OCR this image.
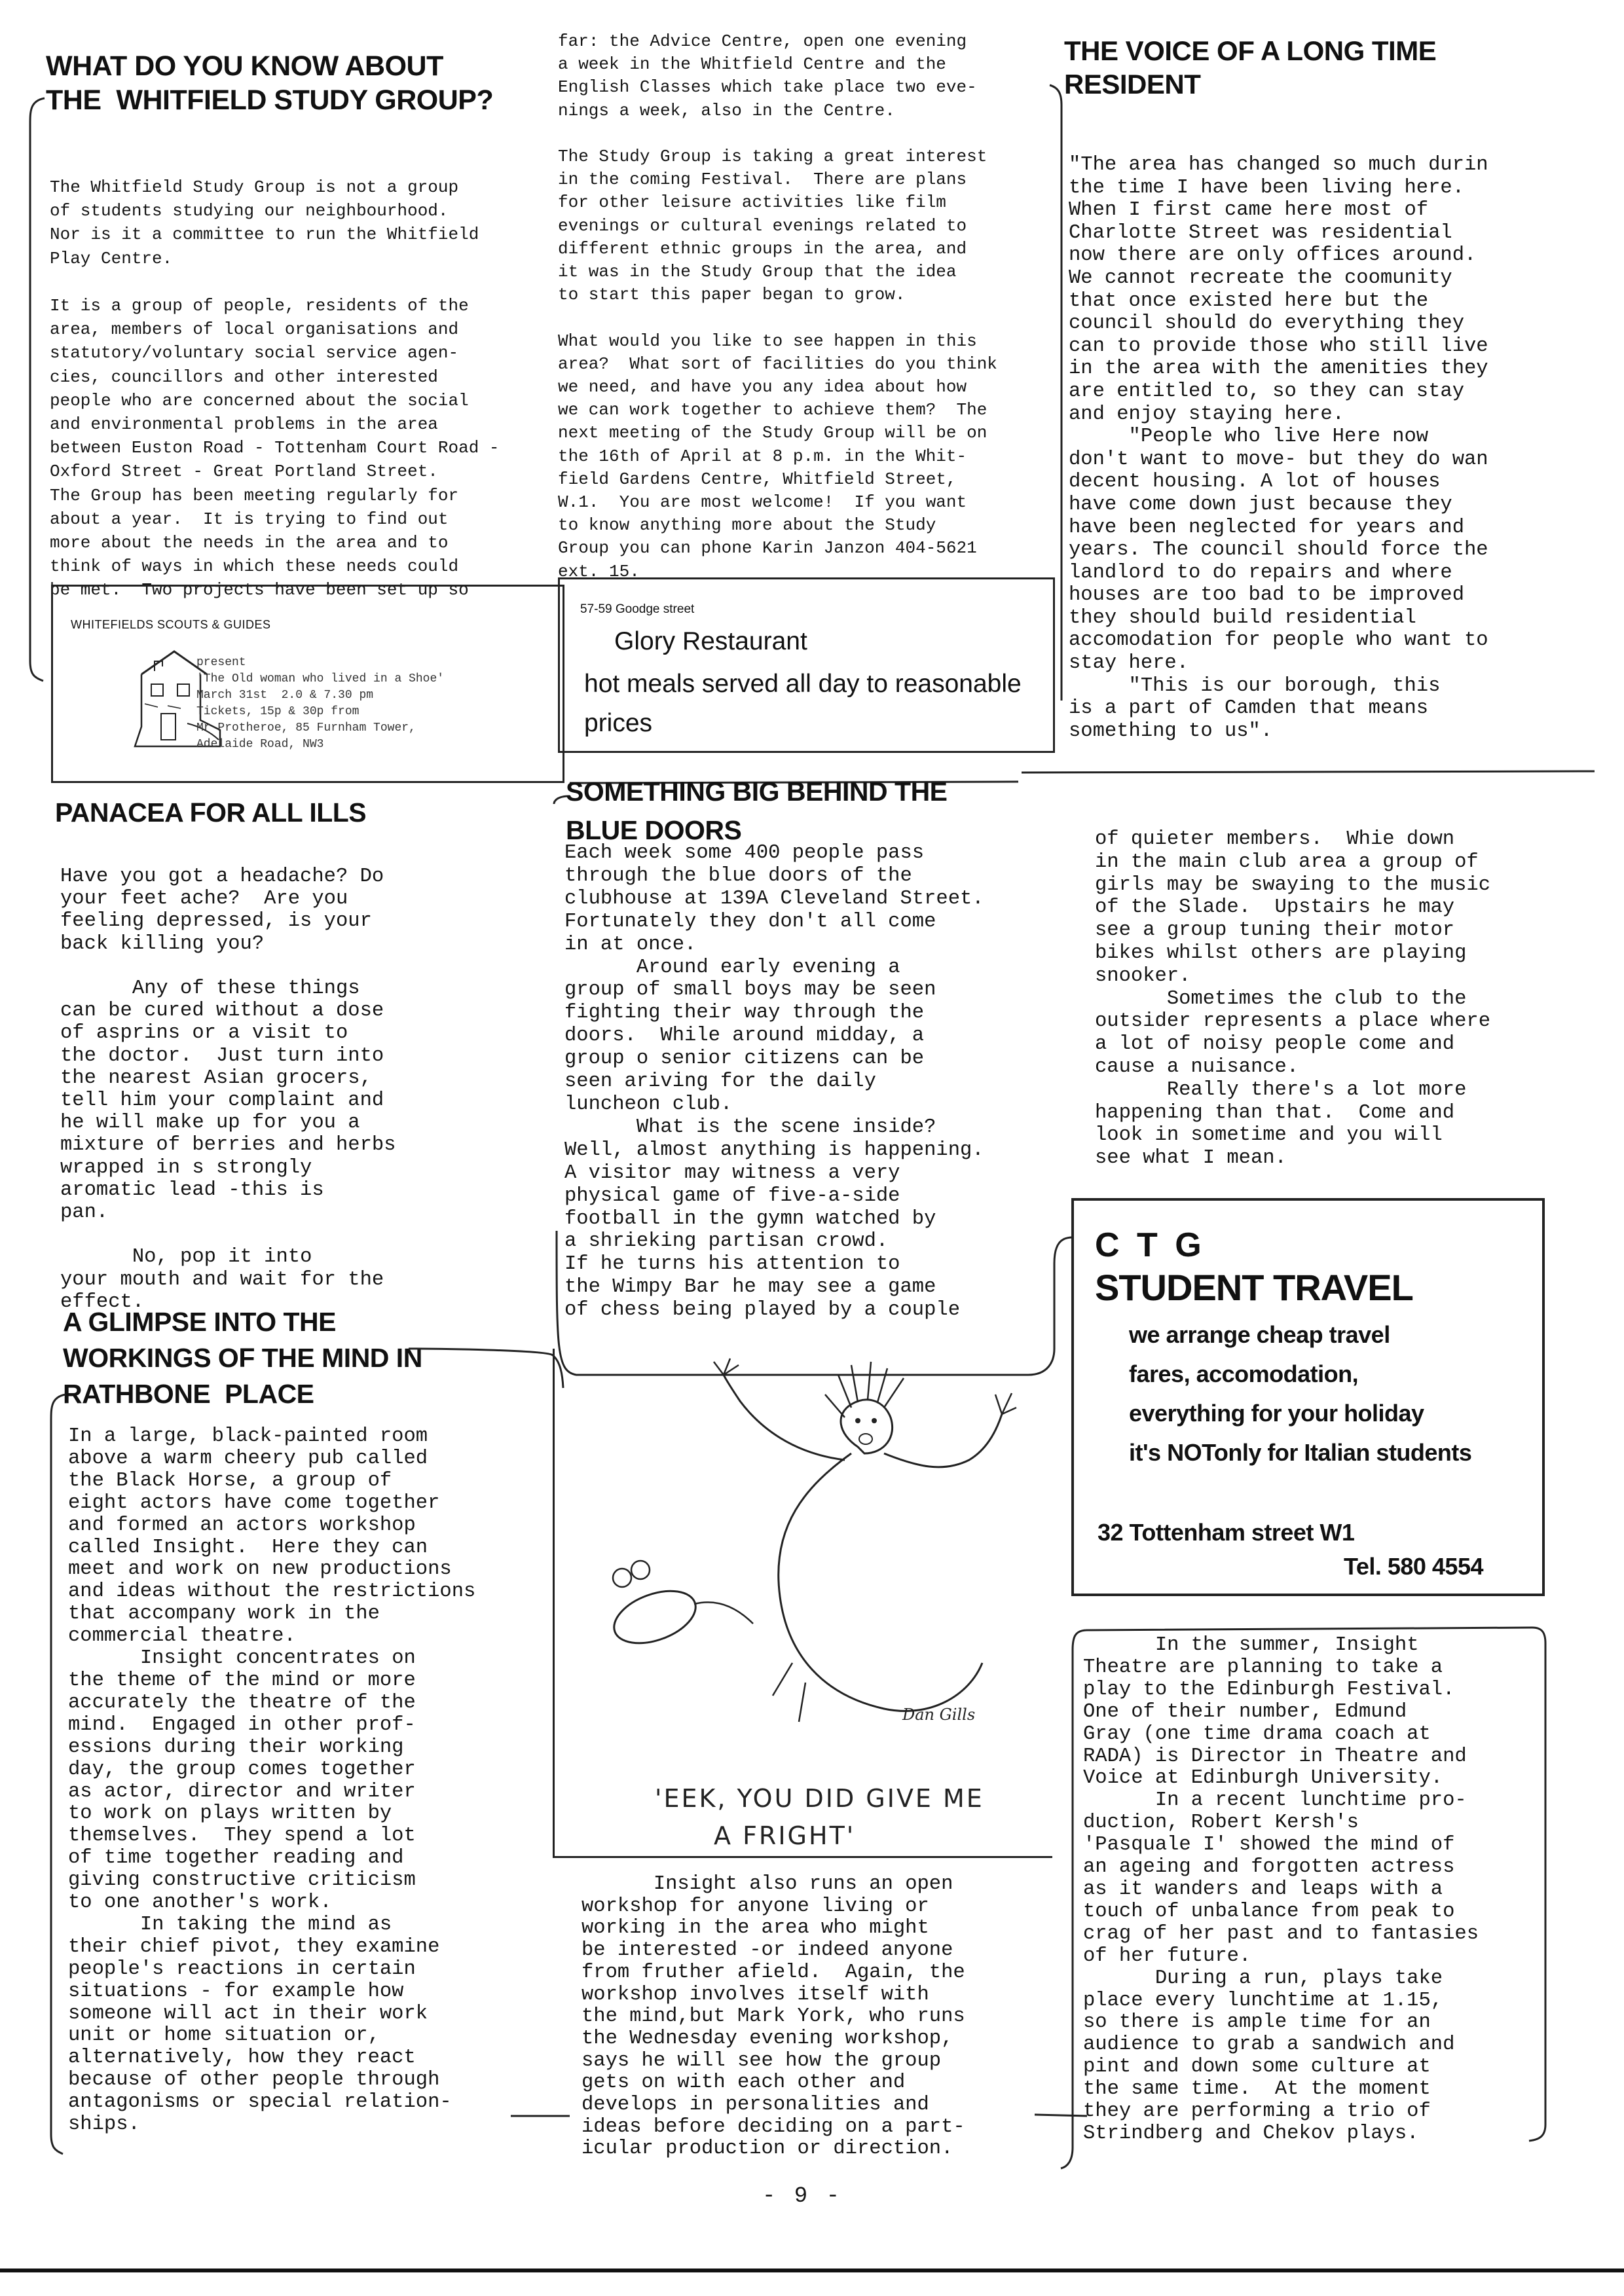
WHAT DO YOU KNOW ABOUT
THE  WHITFIELD STUDY GROUP?
The Whitfield Study Group is not a group
of students studying our neighbourhood.
Nor is it a committee to run the Whitfield
Play Centre.

It is a group of people, residents of the
area, members of local organisations and
statutory/voluntary social service agen-
cies, councillors and other interested
people who are concerned about the social
and environmental problems in the area
between Euston Road - Tottenham Court Road -
Oxford Street - Great Portland Street.
The Group has been meeting regularly for
about a year.  It is trying to find out
more about the needs in the area and to
think of ways in which these needs could
be met.  Two projects have been set up so
far: the Advice Centre, open one evening
a week in the Whitfield Centre and the
English Classes which take place two eve-
nings a week, also in the Centre.

The Study Group is taking a great interest
in the coming Festival.  There are plans
for other leisure activities like film
evenings or cultural evenings related to
different ethnic groups in the area, and
it was in the Study Group that the idea
to start this paper began to grow.

What would you like to see happen in this
area?  What sort of facilities do you think
we need, and have you any idea about how
we can work together to achieve them?  The
next meeting of the Study Group will be on
the 16th of April at 8 p.m. in the Whit-
field Gardens Centre, Whitfield Street,
W.1.  You are most welcome!  If you want
to know anything more about the Study
Group you can phone Karin Janzon 404-5621
ext. 15.
WHITEFIELDS SCOUTS & GUIDES
present
'The Old woman who lived in a Shoe'
March 31st  2.0 & 7.30 pm
Tickets, 15p & 30p from
Mr Protheroe, 85 Furnham Tower,
Adelaide Road, NW3
57-59 Goodge street
Glory Restaurant
hot meals served all day to reasonable
prices
THE VOICE OF A LONG TIME
RESIDENT
"The area has changed so much durin
the time I have been living here.
When I first came here most of
Charlotte Street was residential
now there are only offices around.
We cannot recreate the coomunity
that once existed here but the
council should do everything they
can to provide those who still live
in the area with the amenities they
are entitled to, so they can stay
and enjoy staying here.
"People who live Here now
don't want to move- but they do wan
decent housing. A lot of houses
have come down just because they
have been neglected for years and
years. The council should force the
landlord to do repairs and where
houses are too bad to be improved
they should build residential
accomodation for people who want to
stay here.
"This is our borough, this
is a part of Camden that means
something to us".
PANACEA FOR ALL ILLS
Have you got a headache? Do
your feet ache?  Are you
feeling depressed, is your
back killing you?

Any of these things
can be cured without a dose
of asprins or a visit to
the doctor.  Just turn into
the nearest Asian grocers,
tell him your complaint and
he will make up for you a
mixture of berries and herbs
wrapped in s strongly
aromatic lead -this is
pan.

No, pop it into
your mouth and wait for the
effect.
SOMETHING BIG BEHIND THE
BLUE DOORS
Each week some 400 people pass
through the blue doors of the
clubhouse at 139A Cleveland Street.
Fortunately they don't all come
in at once.
Around early evening a
group of small boys may be seen
fighting their way through the
doors.  While around midday, a
group o senior citizens can be
seen ariving for the daily
luncheon club.
What is the scene inside?
Well, almost anything is happening.
A visitor may witness a very
physical game of five-a-side
football in the gymn watched by
a shrieking partisan crowd.
If he turns his attention to
the Wimpy Bar he may see a game
of chess being played by a couple
of quieter members.  Whie down
in the main club area a group of
girls may be swaying to the music
of the Slade.  Upstairs he may
see a group tuning their motor
bikes whilst others are playing
snooker.
Sometimes the club to the
outsider represents a place where
a lot of noisy people come and
cause a nuisance.
Really there's a lot more
happening than that.  Come and
look in sometime and you will
see what I mean.
C T G
STUDENT TRAVEL
we arrange cheap travel
fares, accomodation,
everything for your holiday
it's NOTonly for Italian students
32 Tottenham street W1
Tel. 580 4554
A GLIMPSE INTO THE
WORKINGS OF THE MIND IN
RATHBONE  PLACE
In a large, black-painted room
above a warm cheery pub called
the Black Horse, a group of
eight actors have come together
and formed an actors workshop
called Insight.  Here they can
meet and work on new productions
and ideas without the restrictions
that accompany work in the
commercial theatre.
Insight concentrates on
the theme of the mind or more
accurately the theatre of the
mind.  Engaged in other prof-
essions during their working
day, the group comes together
as actor, director and writer
to work on plays written by
themselves.  They spend a lot
of time together reading and
giving constructive criticism
to one another's work.
In taking the mind as
their chief pivot, they examine
people's reactions in certain
situations - for example how
someone will act in their work
unit or home situation or,
alternatively, how they react
because of other people through
antagonisms or special relation-
ships.
Dan Gills
'EEK, YOU DID GIVE ME
A FRIGHT'
Insight also runs an open
workshop for anyone living or
working in the area who might
be interested -or indeed anyone
from fruther afield.  Again, the
workshop involves itself with
the mind,but Mark York, who runs
the Wednesday evening workshop,
says he will see how the group
gets on with each other and
develops in personalities and
ideas before deciding on a part-
icular production or direction.
In the summer, Insight
Theatre are planning to take a
play to the Edinburgh Festival.
One of their number, Edmund
Gray (one time drama coach at
RADA) is Director in Theatre and
Voice at Edinburgh University.
In a recent lunchtime pro-
duction, Robert Kersh's
'Pasquale I' showed the mind of
an ageing and forgotten actress
as it wanders and leaps with a
touch of unbalance from peak to
crag of her past and to fantasies
of her future.
During a run, plays take
place every lunchtime at 1.15,
so there is ample time for an
audience to grab a sandwich and
pint and down some culture at
the same time.  At the moment
they are performing a trio of
Strindberg and Chekov plays.
- 9 -
